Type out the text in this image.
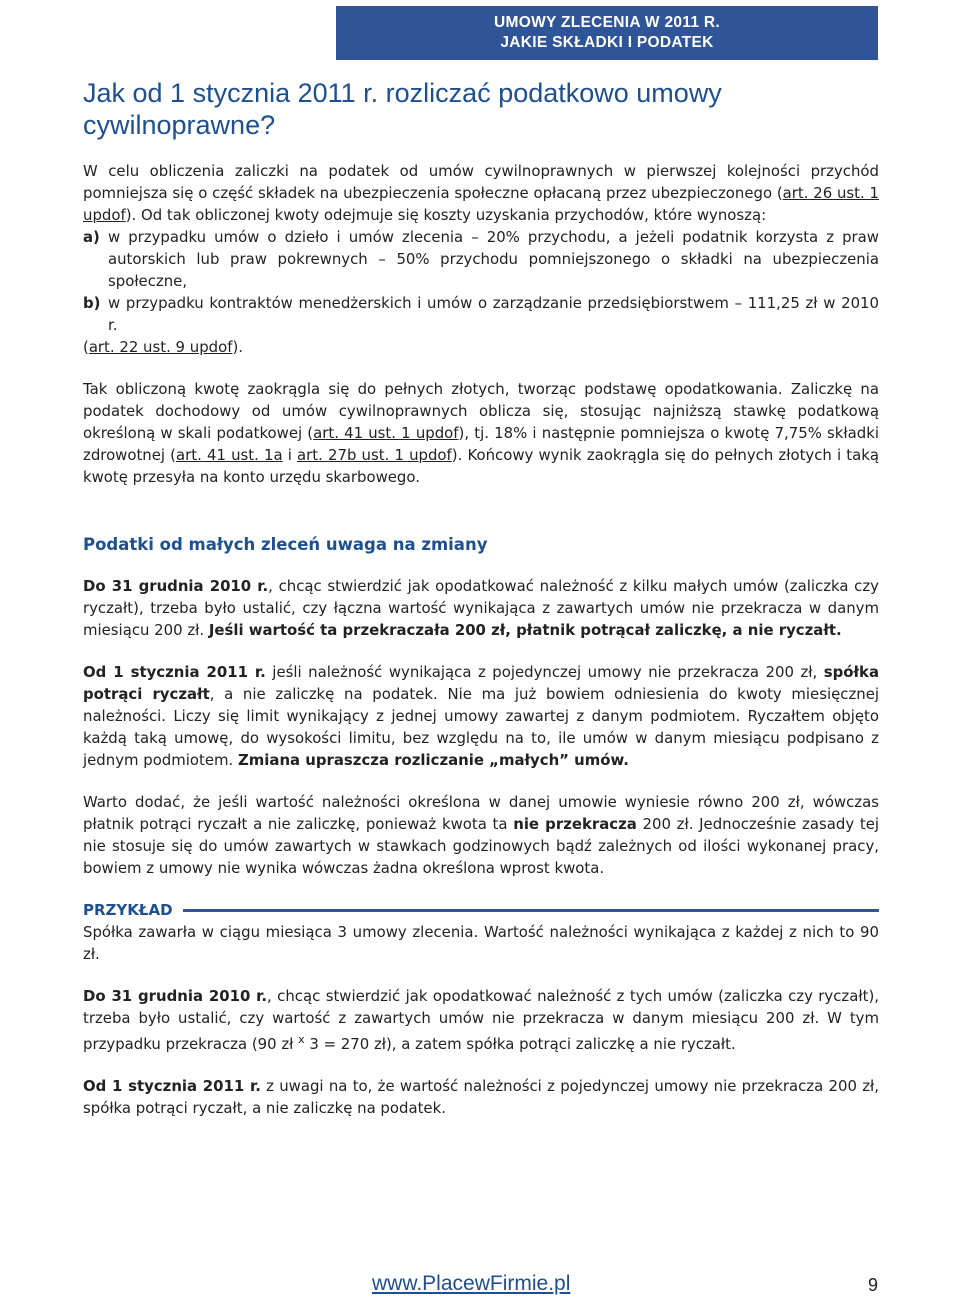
UMOWY ZLECENIA W 2011 R.
JAKIE SKŁADKI I PODATEK
Jak od 1 stycznia 2011 r. rozliczać podatkowo umowy cywilnoprawne?

W celu obliczenia zaliczki na podatek od umów cywilnoprawnych w pierwszej kolejności przychód pomniejsza się o część składek na ubezpieczenia społeczne opłacaną przez ubezpieczonego (art. 26 ust. 1 updof). Od tak obliczonej kwoty odejmuje się koszty uzyskania przychodów, które wynoszą:

a) w przypadku umów o dzieło i umów zlecenia – 20% przychodu, a jeżeli podatnik korzysta z praw autorskich lub praw pokrewnych – 50% przychodu pomniejszonego o składki na ubezpieczenia społeczne,
b) w przypadku kontraktów menedżerskich i umów o zarządzanie przedsiębiorstwem – 111,25 zł w 2010 r.

(art. 22 ust. 9 updof).

Tak obliczoną kwotę zaokrągla się do pełnych złotych, tworząc podstawę opodatkowania. Zaliczkę na podatek dochodowy od umów cywilnoprawnych oblicza się, stosując najniższą stawkę podatkową określoną w skali podatkowej (art. 41 ust. 1 updof), tj. 18% i następnie pomniejsza o kwotę 7,75% składki zdrowotnej (art. 41 ust. 1a i art. 27b ust. 1 updof). Końcowy wynik zaokrągla się do pełnych złotych i taką kwotę przesyła na konto urzędu skarbowego.

Podatki od małych zleceń uwaga na zmiany

Do 31 grudnia 2010 r., chcąc stwierdzić jak opodatkować należność z kilku małych umów (zaliczka czy ryczałt), trzeba było ustalić, czy łączna wartość wynikająca z zawartych umów nie przekracza w danym miesiącu 200 zł. Jeśli wartość ta przekraczała 200 zł, płatnik potrącał zaliczkę, a nie ryczałt.

Od 1 stycznia 2011 r. jeśli należność wynikająca z pojedynczej umowy nie przekracza 200 zł, spółka potrąci ryczałt, a nie zaliczkę na podatek. Nie ma już bowiem odniesienia do kwoty miesięcznej należności. Liczy się limit wynikający z jednej umowy zawartej z danym podmiotem. Ryczałtem objęto każdą taką umowę, do wysokości limitu, bez względu na to, ile umów w danym miesiącu podpisano z jednym podmiotem. Zmiana upraszcza rozliczanie „małych” umów.

Warto dodać, że jeśli wartość należności określona w danej umowie wyniesie równo 200 zł, wówczas płatnik potrąci ryczałt a nie zaliczkę, ponieważ kwota ta nie przekracza 200 zł. Jednocześnie zasady tej nie stosuje się do umów zawartych w stawkach godzinowych bądź zależnych od ilości wykonanej pracy, bowiem z umowy nie wynika wówczas żadna określona wprost kwota.

PRZYKŁAD

Spółka zawarła w ciągu miesiąca 3 umowy zlecenia. Wartość należności wynikająca z każdej z nich to 90 zł.

Do 31 grudnia 2010 r., chcąc stwierdzić jak opodatkować należność z tych umów (zaliczka czy ryczałt), trzeba było ustalić, czy wartość z zawartych umów nie przekracza w danym miesiącu 200 zł. W tym przypadku przekracza (90 zł $^x$ 3 = 270 zł), a zatem spółka potrąci zaliczkę a nie ryczałt.

Od 1 stycznia 2011 r. z uwagi na to, że wartość należności z pojedynczej umowy nie przekracza 200 zł, spółka potrąci ryczałt, a nie zaliczkę na podatek.

www.PlacewFirmie.pl	9
